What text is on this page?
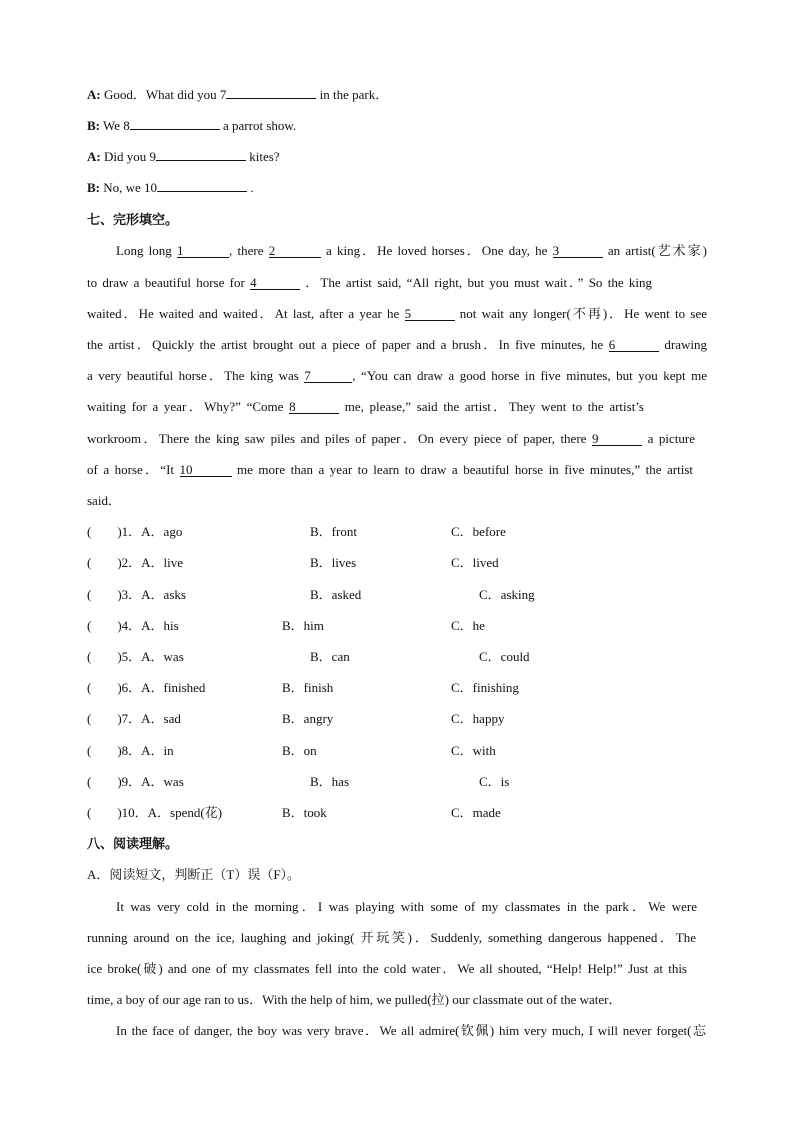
A: Good．What did you 7	in the park．
B: We 8	a parrot show.
A: Did you 9	kites?
B: No, we 10	.
七、完形填空。
Long long 1	, there 2	a king．He loved horses．One day, he 3	an artist(艺术家)
to draw a beautiful horse for 4	．The artist said, “All right, but you must wait．” So the king
waited．He waited and waited．At last, after a year he 5	not wait any longer(不再)．He went to see
the artist．Quickly the artist brought out a piece of paper and a brush．In five minutes, he 6	drawing
a very beautiful horse．The king was 7	, “You can draw a good horse in five minutes, but you kept me
waiting for a year．Why?” “Come 8	me, please,” said the artist．They went to the artist’s
workroom．There the king saw piles and piles of paper．On every piece of paper, there 9	a picture
of a horse．“It 10	me more than a year to learn to draw a beautiful horse in five minutes,” the artist
said．
(　　)1．A．ago	B．front	C．before
(　　)2．A．live	B．lives	C．lived
(　　)3．A．asks	B．asked	C．asking
(　　)4．A．his	B．him	C．he
(　　)5．A．was	B．can	C．could
(　　)6．A．finished	B．finish	C．finishing
(　　)7．A．sad	B．angry	C．happy
(　　)8．A．in	B．on	C．with
(　　)9．A．was	B．has	C．is
(　　)10．A．spend(花)	B．took	C．made
八、阅读理解。
A．阅读短文，判断正（T）误（F）。
It was very cold in the morning．I was playing with some of my classmates in the park．We were
running around on the ice, laughing and joking( 开玩笑)．Suddenly, something dangerous happened．The
ice broke(破) and one of my classmates fell into the cold water．We all shouted, “Help! Help!” Just at this
time, a boy of our age ran to us．With the help of him, we pulled(拉) our classmate out of the water．
In the face of danger, the boy was very brave．We all admire(钦佩) him very much, I will never forget(忘
